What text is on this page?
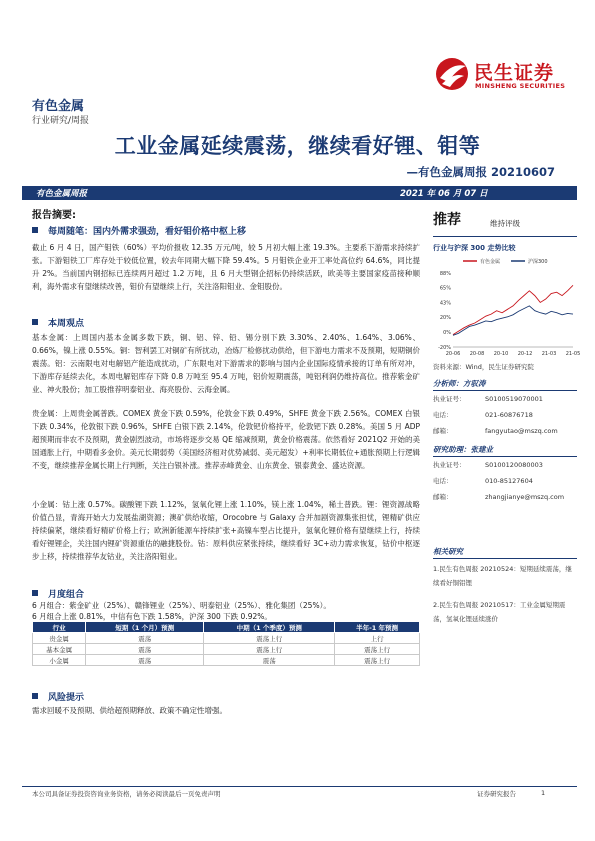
民生证券
MINSHENG SECURITIES
有色金属
行业研究/周报
工业金属延续震荡，继续看好锂、钼等
—有色金属周报 20210607
有色金属周报	2021 年 06 月 07 日
报告摘要:
每周随笔：国内外需求强劲，看好钼价格中枢上移
截止 6 月 4 日，国产钼铁（60%）平均价报收 12.35 万元/吨，较 5 月初大幅上涨 19.3%。主要系下游需求持续扩张。下游钼铁工厂库存处于较低位置，较去年同期大幅下降 59.4%。5 月钼铁企业开工率处高位约 64.6%，同比提升 2%。当前国内钢招标已连续两月超过 1.2 万吨，且 6 月大型钢企招标仍持续活跃，欧美等主要国家疫苗接种顺利，海外需求有望继续改善，钼价有望继续上行，关注洛阳钼业、金钼股份。
本周观点
基本金属：上周国内基本金属多数下跌，铜、铝、锌、铅、锡分别下跌 3.30%、2.40%、1.64%、3.06%、0.66%，镍上涨 0.55%。铜：智利罢工对铜矿有所扰动，冶炼厂检修扰动供给，但下游电力需求不及预期，短期铜价震荡。铝：云南限电对电解铝产能造成扰动，广东限电对下游需求的影响与国内企业国际疫情承接的订单有所对冲，下游库存延续去化，本周电解铝库存下降 0.8 万吨至 95.4 万吨，铝价短期震荡，吨铝利润仍维持高位。推荐紫金矿业、神火股份；加工股推荐明泰铝业、海亮股份、云海金属。
贵金属：上周贵金属普跌。COMEX 黄金下跌 0.59%，伦敦金下跌 0.49%，SHFE 黄金下跌 2.56%。COMEX 白银下跌 0.34%，伦敦银下跌 0.96%，SHFE 白银下跌 2.14%，伦敦钯价格持平，伦敦钯下跌 0.28%。美国 5 月 ADP 超预期而非农不及预期，黄金剧烈波动，市场将逐步交易 QE 缩减预期，黄金价格震荡。依然看好 2021Q2 开始的美国通胀上行，中期看多金价。美元长期弱势（美国经济相对优势减弱、美元超发）+利率长期低位+通胀预期上行逻辑不变，继续推荐金属长期上行判断，关注白银补涨。推荐赤峰黄金、山东黄金、银泰黄金、盛达资源。
小金属：钴上涨 0.57%。碳酸锂下跌 1.12%，氢氧化锂上涨 1.10%，镁上涨 1.04%，稀土普跌。锂：锂资源战略价值凸显，青海开始大力发展盐湖资源；澳矿供给收缩，Orocobre 与 Galaxy 合并加剧资源集张担忧，锂精矿供应持续偏紧，继续看好精矿价格上行；欧洲新能源车持续扩张+高镍车型占比提升，氢氧化锂价格有望继续上行，持续看好锂锂企，关注国内锂矿资源重估的融捷股份。钴：原料供应紧张持续，继续看好 3C+动力需求恢复，钴价中枢逐步上移，持续推荐华友钴业，关注洛阳钼业。
月度组合
6 月组合：紫金矿业（25%）、赣锋锂业（25%）、明泰铝业（25%）、雅化集团（25%）。
6 月组合上涨 0.81%，中信有色下跌 1.58%，沪深 300 下跌 0.92%。
行业	短期（1 个月）预测	中期（1 个季度）预测	半年-1 年预测
贵金属	震荡	震荡上行	上行
基本金属	震荡	震荡上行	震荡上行
小金属	震荡	震荡	震荡上行
风险提示
需求回暖不及预期、供给超预期释放、政策不确定性增强。
推荐	维持评级
行业与沪深 300 走势比较
有色金属	沪深300
-20%
0%
20%
43%
65%
88%
20-06 20-08 20-10 20-12 21-03 21-05
资料来源：Wind，民生证券研究院
分析师：方驭涛
执业证号：	S0100519070001
电话：	021-60876718
邮箱：	fangyutao@mszq.com
研究助理：张建业
执业证号：	S0100120080003
电话：	010-85127604
邮箱：	zhangjianye@mszq.com
相关研究
1.民生有色周报 20210524：短期延续震荡，继续看好铜铝锂
2.民生有色周报 20210517：工业金属短期震荡，氢氧化锂延续涨价
本公司具备证券投资咨询业务资格，请务必阅读最后一页免责声明	证券研究报告	1
